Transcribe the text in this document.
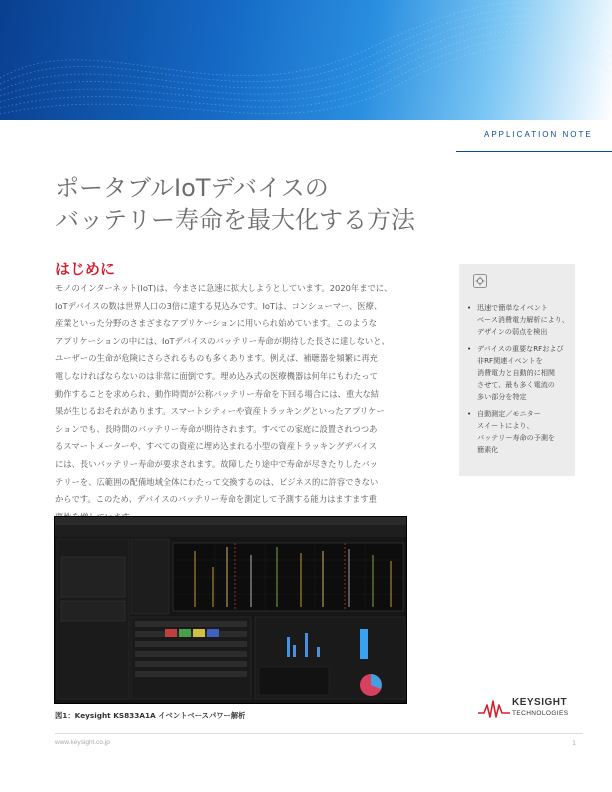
APPLICATION NOTE
ポータブルIoTデバイスの
バッテリー寿命を最大化する方法
はじめに
モノのインターネット(IoT)は、今まさに急速に拡大しようとしています。2020年までに、
IoTデバイスの数は世界人口の3倍に達する見込みです。IoTは、コンシューマー、医療、
産業といった分野のさまざまなアプリケーションに用いられ始めています。このような
アプリケーションの中には、IoTデバイスのバッテリー寿命が期待した長さに達しないと、
ユーザーの生命が危険にさらされるものも多くあります。例えば、補聴器を頻繁に再充
電しなければならないのは非常に面倒です。埋め込み式の医療機器は何年にもわたって
動作することを求められ、動作時間が公称バッテリー寿命を下回る場合には、重大な結
果が生じるおそれがあります。スマートシティーや資産トラッキングといったアプリケー
ションでも、長時間のバッテリー寿命が期待されます。すべての家庭に設置されつつあ
るスマートメーターや、すべての資産に埋め込まれる小型の資産トラッキングデバイス
には、長いバッテリー寿命が要求されます。故障したり途中で寿命が尽きたりしたバッ
テリーを、広範囲の配備地域全体にわたって交換するのは、ビジネス的に許容できない
からです。このため、デバイスのバッテリー寿命を測定して予測する能力はますます重
• 迅速で簡単なイベント
ベース消費電力解析により、
デザインの弱点を検出
• デバイスの重要なRFおよび
非RF関連イベントを
消費電力と自動的に相関
させて、最も多く電流の
多い部分を特定
• 自動測定／モニター
スイートにより、
バッテリー寿命の予測を
簡素化
図1：Keysight KS833A1A イベントベースパワー解析
KEYSIGHT
TECHNOLOGIES
www.keysight.co.jp	1
